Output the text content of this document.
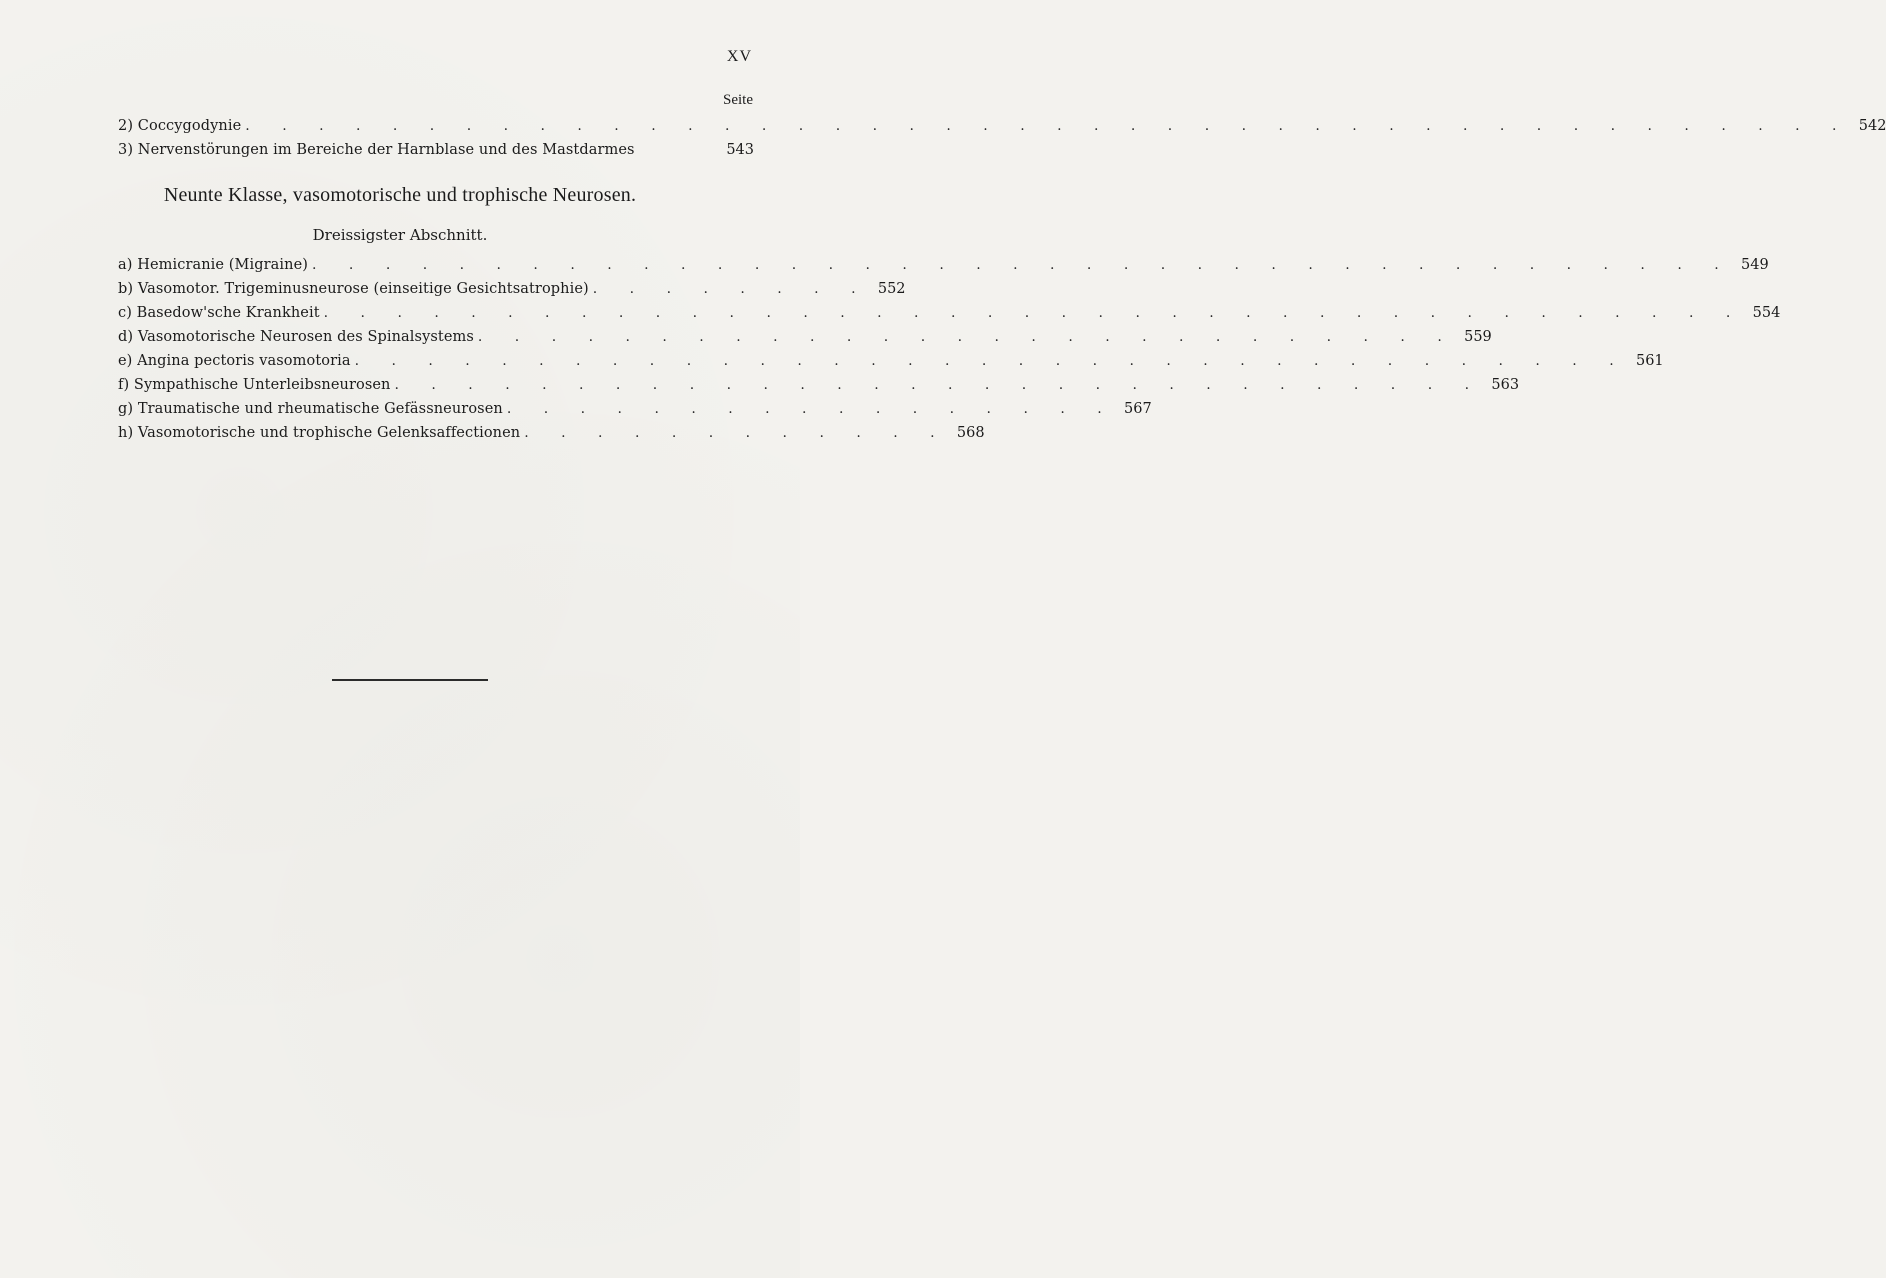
XV
Seite
2) Coccygodynie . . . . . . . . . . . . . . . . . . . . . . . . . . . . . . . . . . . . . . . . . . . . 542
3) Nervenstörungen im Bereiche der Harnblase und des Mastdarmes	543
Neunte Klasse, vasomotorische und trophische Neurosen.
Dreissigster Abschnitt.
a) Hemicranie (Migraine) . . . . . . . . . . . . . . . . . . . . . . . . . . . . . . . . . . . . . . . 549
b) Vasomotor. Trigeminusneurose (einseitige Gesichtsatrophie) . . . . . . . . 552
c) Basedow'sche Krankheit . . . . . . . . . . . . . . . . . . . . . . . . . . . . . . . . . . . . . . . 554
d) Vasomotorische Neurosen des Spinalsystems . . . . . . . . . . . . . . . . . . . . . . . . . . . 559
e) Angina pectoris vasomotoria . . . . . . . . . . . . . . . . . . . . . . . . . . . . . . . . . . . 561
f) Sympathische Unterleibsneurosen . . . . . . . . . . . . . . . . . . . . . . . . . . . . . . 563
g) Traumatische und rheumatische Gefässneurosen . . . . . . . . . . . . . . . . . 567
h) Vasomotorische und trophische Gelenksaffectionen . . . . . . . . . . . . 568
